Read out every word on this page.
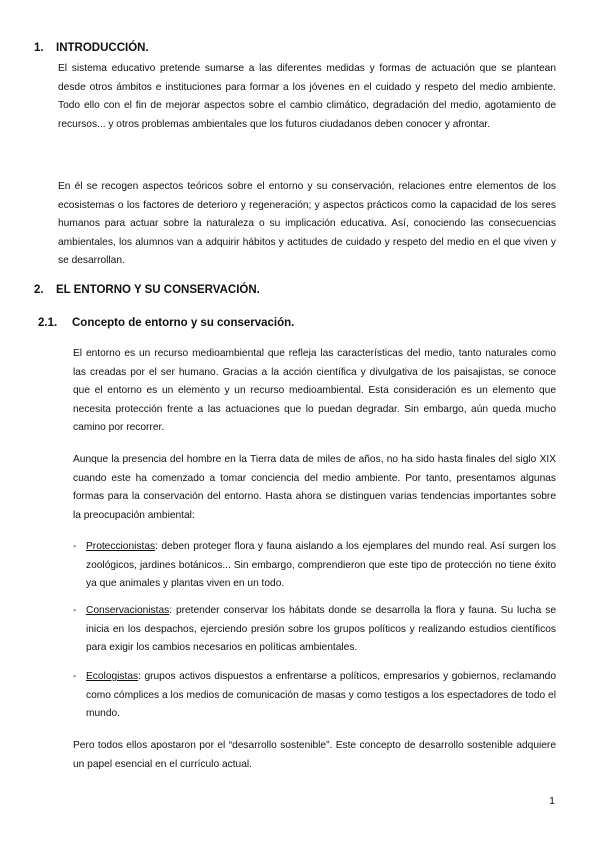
1. INTRODUCCIÓN.

El sistema educativo pretende sumarse a las diferentes medidas y formas de actuación que se plantean desde otros ámbitos e instituciones para formar a los jóvenes en el cuidado y respeto del medio ambiente. Todo ello con el fin de mejorar aspectos sobre el cambio climático, degradación del medio, agotamiento de recursos... y otros problemas ambientales que los futuros ciudadanos deben conocer y afrontar.

En él se recogen aspectos teóricos sobre el entorno y su conservación, relaciones entre elementos de los ecosistemas o los factores de deterioro y regeneración; y aspectos prácticos como la capacidad de los seres humanos para actuar sobre la naturaleza o su implicación educativa. Así, conociendo las consecuencias ambientales, los alumnos van a adquirir hábitos y actitudes de cuidado y respeto del medio en el que viven y se desarrollan.

2. EL ENTORNO Y SU CONSERVACIÓN.
2.1. Concepto de entorno y su conservación.

El entorno es un recurso medioambiental que refleja las características del medio, tanto naturales como las creadas por el ser humano. Gracias a la acción científica y divulgativa de los paisajistas, se conoce que el entorno es un elemento y un recurso medioambiental. Esta consideración es un elemento que necesita protección frente a las actuaciones que lo puedan degradar. Sin embargo, aún queda mucho camino por recorrer.

Aunque la presencia del hombre en la Tierra data de miles de años, no ha sido hasta finales del siglo XIX cuando este ha comenzado a tomar conciencia del medio ambiente. Por tanto, presentamos algunas formas para la conservación del entorno. Hasta ahora se distinguen varias tendencias importantes sobre la preocupación ambiental:

- Proteccionistas: deben proteger flora y fauna aislando a los ejemplares del mundo real. Así surgen los zoológicos, jardines botánicos... Sin embargo, comprendieron que este tipo de protección no tiene éxito ya que animales y plantas viven en un todo.
- Conservacionistas: pretender conservar los hábitats donde se desarrolla la flora y fauna. Su lucha se inicia en los despachos, ejerciendo presión sobre los grupos políticos y realizando estudios científicos para exigir los cambios necesarios en políticas ambientales.
- Ecologistas: grupos activos dispuestos a enfrentarse a políticos, empresarios y gobiernos, reclamando como cómplices a los medios de comunicación de masas y como testigos a los espectadores de todo el mundo.

Pero todos ellos apostaron por el “desarrollo sostenible”. Este concepto de desarrollo sostenible adquiere un papel esencial en el currículo actual.

1
